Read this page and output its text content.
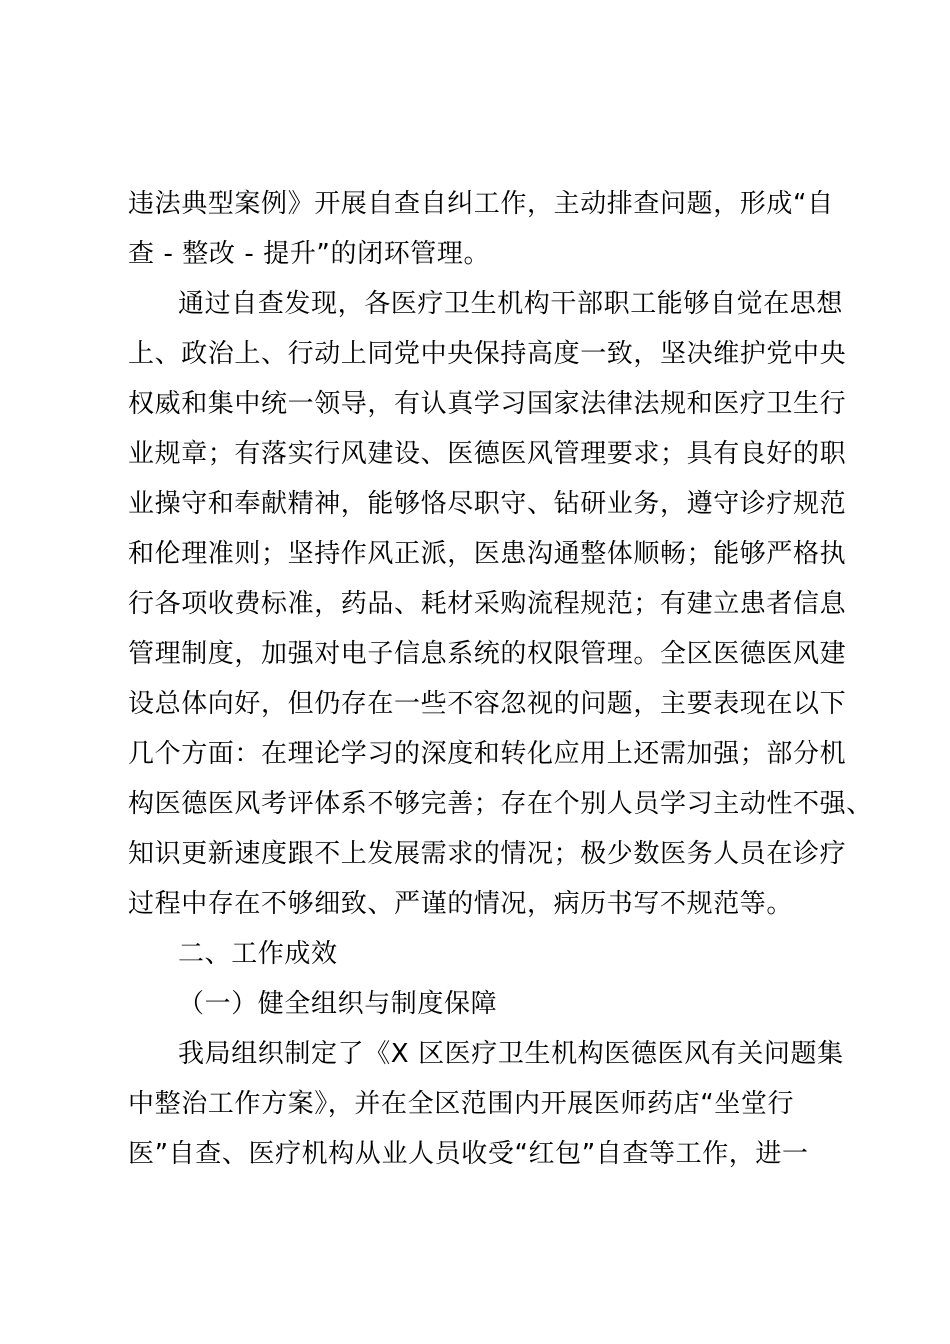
违法典型案例》开展自查自纠工作，主动排查问题，形成“自
查 - 整改 - 提升”的闭环管理。
通过自查发现，各医疗卫生机构干部职工能够自觉在思想
上、政治上、行动上同党中央保持高度一致，坚决维护党中央
权威和集中统一领导，有认真学习国家法律法规和医疗卫生行
业规章；有落实行风建设、医德医风管理要求；具有良好的职
业操守和奉献精神，能够恪尽职守、钻研业务，遵守诊疗规范
和伦理准则；坚持作风正派，医患沟通整体顺畅；能够严格执
行各项收费标准，药品、耗材采购流程规范；有建立患者信息
管理制度，加强对电子信息系统的权限管理。全区医德医风建
设总体向好，但仍存在一些不容忽视的问题，主要表现在以下
几个方面：在理论学习的深度和转化应用上还需加强；部分机
构医德医风考评体系不够完善；存在个别人员学习主动性不强、
知识更新速度跟不上发展需求的情况；极少数医务人员在诊疗
过程中存在不够细致、严谨的情况，病历书写不规范等。
二、工作成效
（一）健全组织与制度保障
我局组织制定了《X 区医疗卫生机构医德医风有关问题集
中整治工作方案》，并在全区范围内开展医师药店“坐堂行
医”自查、医疗机构从业人员收受“红包”自查等工作，进一
